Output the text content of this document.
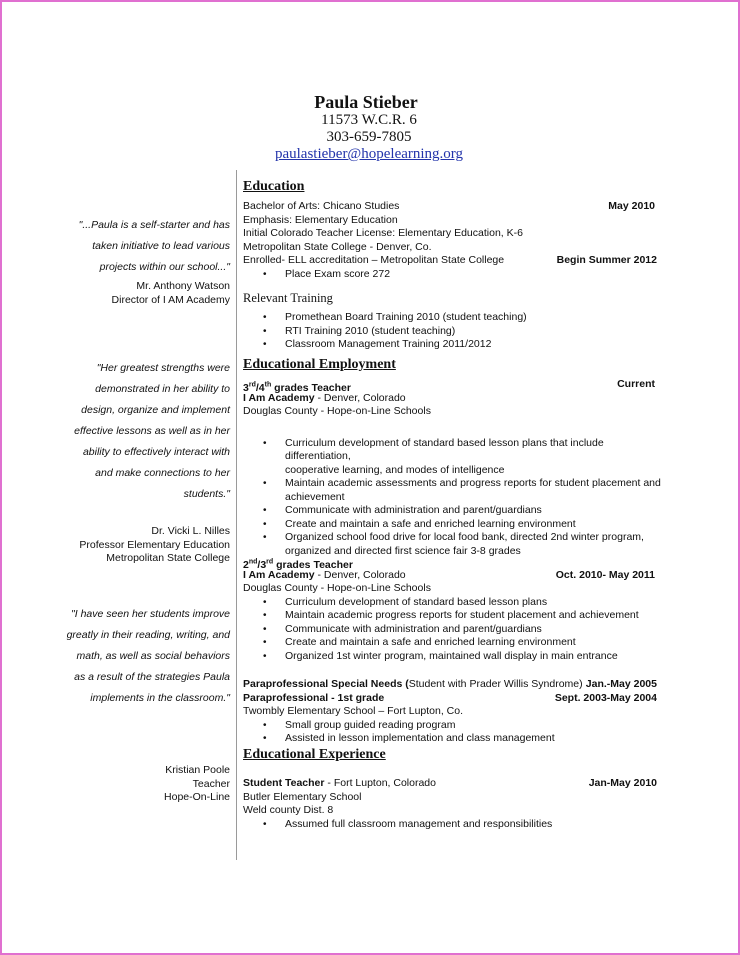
Paula Stieber
11573 W.C.R. 6
303-659-7805
paulastieber@hopelearning.org
"...Paula is a self-starter and has
taken initiative to lead various
projects within our school..."
Mr. Anthony Watson
Director of I AM Academy
"Her greatest strengths were
demonstrated in her ability to
design, organize and implement
effective lessons as well as in her
ability to effectively interact with
and make connections to her
students."
Dr. Vicki L. Nilles
Professor Elementary Education
Metropolitan State College
"I have seen her students improve
greatly in their reading, writing, and
math, as well as social behaviors
as a result of the strategies Paula
implements in the classroom."
Kristian Poole
Teacher
Hope-On-Line
Education
Bachelor of Arts: Chicano Studies	May 2010
Emphasis: Elementary Education
Initial Colorado Teacher License: Elementary Education, K-6
Metropolitan State College - Denver, Co.
Enrolled- ELL accreditation – Metropolitan State College	Begin Summer 2012
• Place Exam score 272
Relevant Training
• Promethean Board Training 2010 (student teaching)
• RTI Training 2010 (student teaching)
• Classroom Management Training 2011/2012
Educational Employment
3rd/4th grades Teacher	Current
I Am Academy - Denver, Colorado
Douglas County - Hope-on-Line Schools
• Curriculum development of standard based lesson plans that include differentiation,
cooperative learning, and modes of intelligence
• Maintain academic assessments and progress reports for student placement and
achievement
• Communicate with administration and parent/guardians
• Create and maintain a safe and enriched learning environment
• Organized school food drive for local food bank, directed 2nd winter program,
organized and directed first science fair 3-8 grades
2nd/3rd grades Teacher
I Am Academy - Denver, Colorado	Oct. 2010- May 2011
Douglas County - Hope-on-Line Schools
• Curriculum development of standard based lesson plans
• Maintain academic progress reports for student placement and achievement
• Communicate with administration and parent/guardians
• Create and maintain a safe and enriched learning environment
• Organized 1st winter program, maintained wall display in main entrance
Paraprofessional Special Needs (Student with Prader Willis Syndrome) Jan.-May 2005
Paraprofessional - 1st grade	Sept. 2003-May 2004
Twombly Elementary School – Fort Lupton, Co.
• Small group guided reading program
• Assisted in lesson implementation and class management
Educational Experience
Student Teacher - Fort Lupton, Colorado	Jan-May 2010
Butler Elementary School
Weld county Dist. 8
• Assumed full classroom management and responsibilities
